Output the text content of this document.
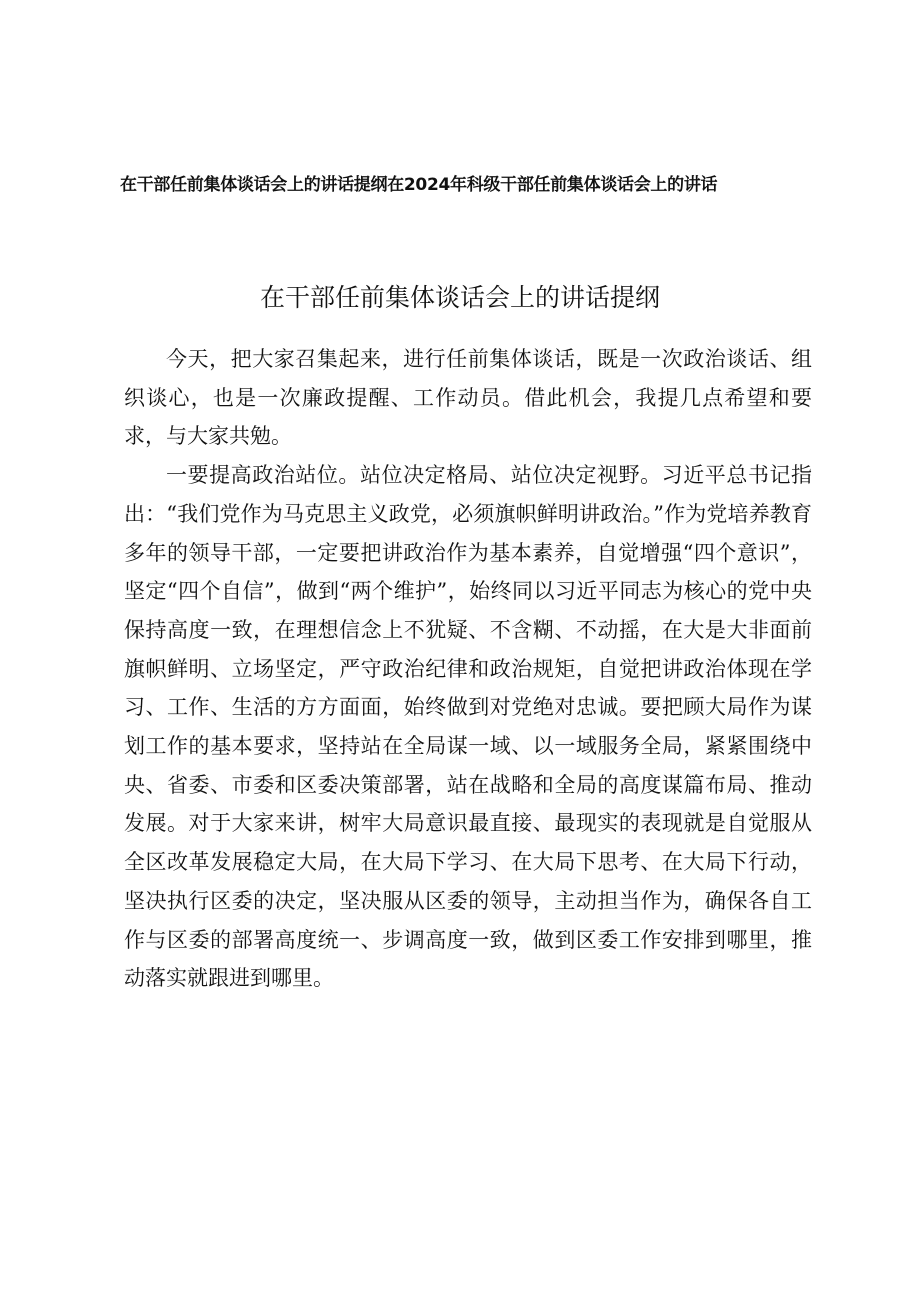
在干部任前集体谈话会上的讲话提纲在2024年科级干部任前集体谈话会上的讲话
在干部任前集体谈话会上的讲话提纲

今天，把大家召集起来，进行任前集体谈话，既是一次政治谈话、组织谈心，也是一次廉政提醒、工作动员。借此机会，我提几点希望和要求，与大家共勉。

一要提高政治站位。站位决定格局、站位决定视野。习近平总书记指出：“我们党作为马克思主义政党，必须旗帜鲜明讲政治。”作为党培养教育多年的领导干部，一定要把讲政治作为基本素养，自觉增强“四个意识”，坚定“四个自信”，做到“两个维护”，始终同以习近平同志为核心的党中央保持高度一致，在理想信念上不犹疑、不含糊、不动摇，在大是大非面前旗帜鲜明、立场坚定，严守政治纪律和政治规矩，自觉把讲政治体现在学习、工作、生活的方方面面，始终做到对党绝对忠诚。要把顾大局作为谋划工作的基本要求，坚持站在全局谋一域、以一域服务全局，紧紧围绕中央、省委、市委和区委决策部署，站在战略和全局的高度谋篇布局、推动发展。对于大家来讲，树牢大局意识最直接、最现实的表现就是自觉服从全区改革发展稳定大局，在大局下学习、在大局下思考、在大局下行动，坚决执行区委的决定，坚决服从区委的领导，主动担当作为，确保各自工作与区委的部署高度统一、步调高度一致，做到区委工作安排到哪里，推动落实就跟进到哪里。
